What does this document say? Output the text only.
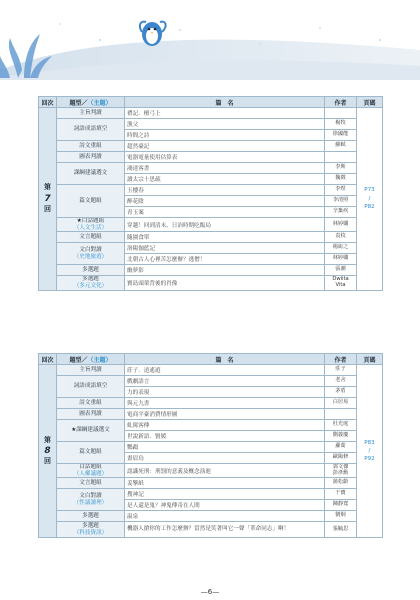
回次	題型／（主題）	篇　名	作者	頁碼

第
7
回	主旨判讀	禮記．檀弓上		P73
/
P82
	詞語成語填空	漁父	楊牧	
		時間之詩	徐國能	
	詩文重組	超然臺記	蘇軾	
	圖表判讀	電器電量使用估算表		
	課綱建議選文	鴻達客書	李斯	
		讀太宗十思疏	魏徵	
	篇文題組	玉樓春	李煜	
		醉花陰	李清照	
		青玉案	辛棄疾	
	★白話題組
（人文生活）	穿越！回到清末、日治時期吃飯局	林婷嫻	
	文言題組	隨園食單	袁枚	
	文白對讀
（史地旅遊）	洛陽伽藍記	楊衒之	
		北朝古人心裡苦怎麼辦？逃僧！	林婷嫻	
	多選題	幽夢影	張潮	
	多選題
（多元文化）	寶島頭架背後的肖像	Dwiita
Vita	
回次	題型／（主題）	篇　名	作者	頁碼

第
8
回	主旨判讀	莊子．逍遙遊	莊子	P83
/
P92
	詞語成語填空	戲劇語言	老舍	
		力的表現	茅盾	
	詩文重組	與元九書	白居易	
	圖表判讀	電商平臺消費情形圖		
	★課綱建議選文	虬髯客傳	杜光庭	
		世說新語．賢媛	劉義慶	
	篇文題組	鸚鵡	蘿蔔	
		畫眉鳥	歐陽修	
	白話題組
（人權議題）	認識死刑：刑罰的意義及概念演進	郭文傑
彭彥勳	
	文言題組	姜擎紙	蒲松齡	
	文白對讀
（性議讀理）	搜神記	干寶	
		是人還是鬼？神鬼傳奇在人間	陳靜寬	
	多選題	温泉	劉炯	
	多選題
（科技資訊）	機器人搶你的工作怎麼辦？當然是笑著叫它一聲「革命同志」啊！	張毓思	
—6—
